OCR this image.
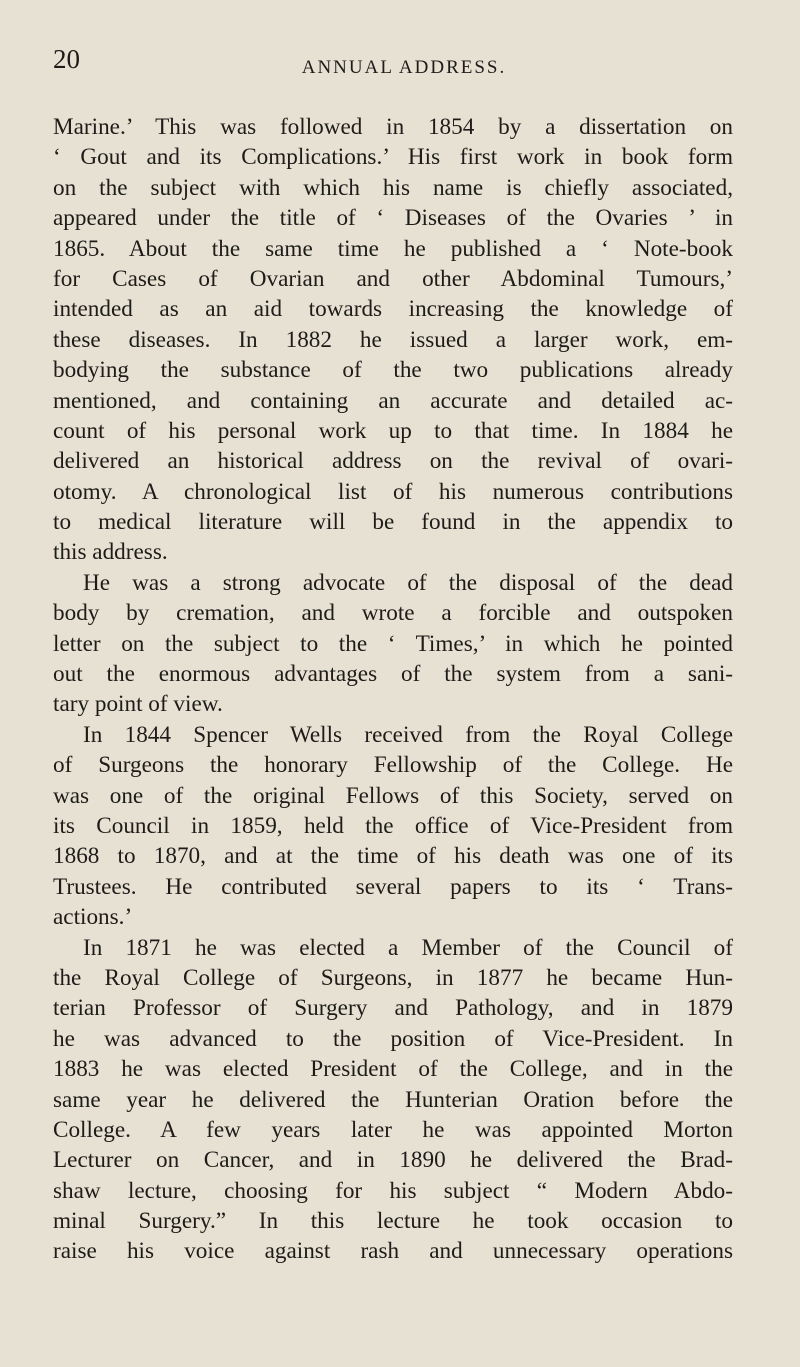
20	ANNUAL ADDRESS.
Marine.’ This was followed in 1854 by a dissertation on
‘ Gout and its Complications.’ His first work in book form
on the subject with which his name is chiefly associated,
appeared under the title of ‘ Diseases of the Ovaries ’ in
1865. About the same time he published a ‘ Note-book
for Cases of Ovarian and other Abdominal Tumours,’
intended as an aid towards increasing the knowledge of
these diseases. In 1882 he issued a larger work, em-
bodying the substance of the two publications already
mentioned, and containing an accurate and detailed ac-
count of his personal work up to that time. In 1884 he
delivered an historical address on the revival of ovari-
otomy. A chronological list of his numerous contributions
to medical literature will be found in the appendix to
this address.
He was a strong advocate of the disposal of the dead
body by cremation, and wrote a forcible and outspoken
letter on the subject to the ‘ Times,’ in which he pointed
out the enormous advantages of the system from a sani-
tary point of view.
In 1844 Spencer Wells received from the Royal College
of Surgeons the honorary Fellowship of the College. He
was one of the original Fellows of this Society, served on
its Council in 1859, held the office of Vice-President from
1868 to 1870, and at the time of his death was one of its
Trustees. He contributed several papers to its ‘ Trans-
actions.’
In 1871 he was elected a Member of the Council of
the Royal College of Surgeons, in 1877 he became Hun-
terian Professor of Surgery and Pathology, and in 1879
he was advanced to the position of Vice-President. In
1883 he was elected President of the College, and in the
same year he delivered the Hunterian Oration before the
College. A few years later he was appointed Morton
Lecturer on Cancer, and in 1890 he delivered the Brad-
shaw lecture, choosing for his subject “ Modern Abdo-
minal Surgery.” In this lecture he took occasion to
raise his voice against rash and unnecessary operations
